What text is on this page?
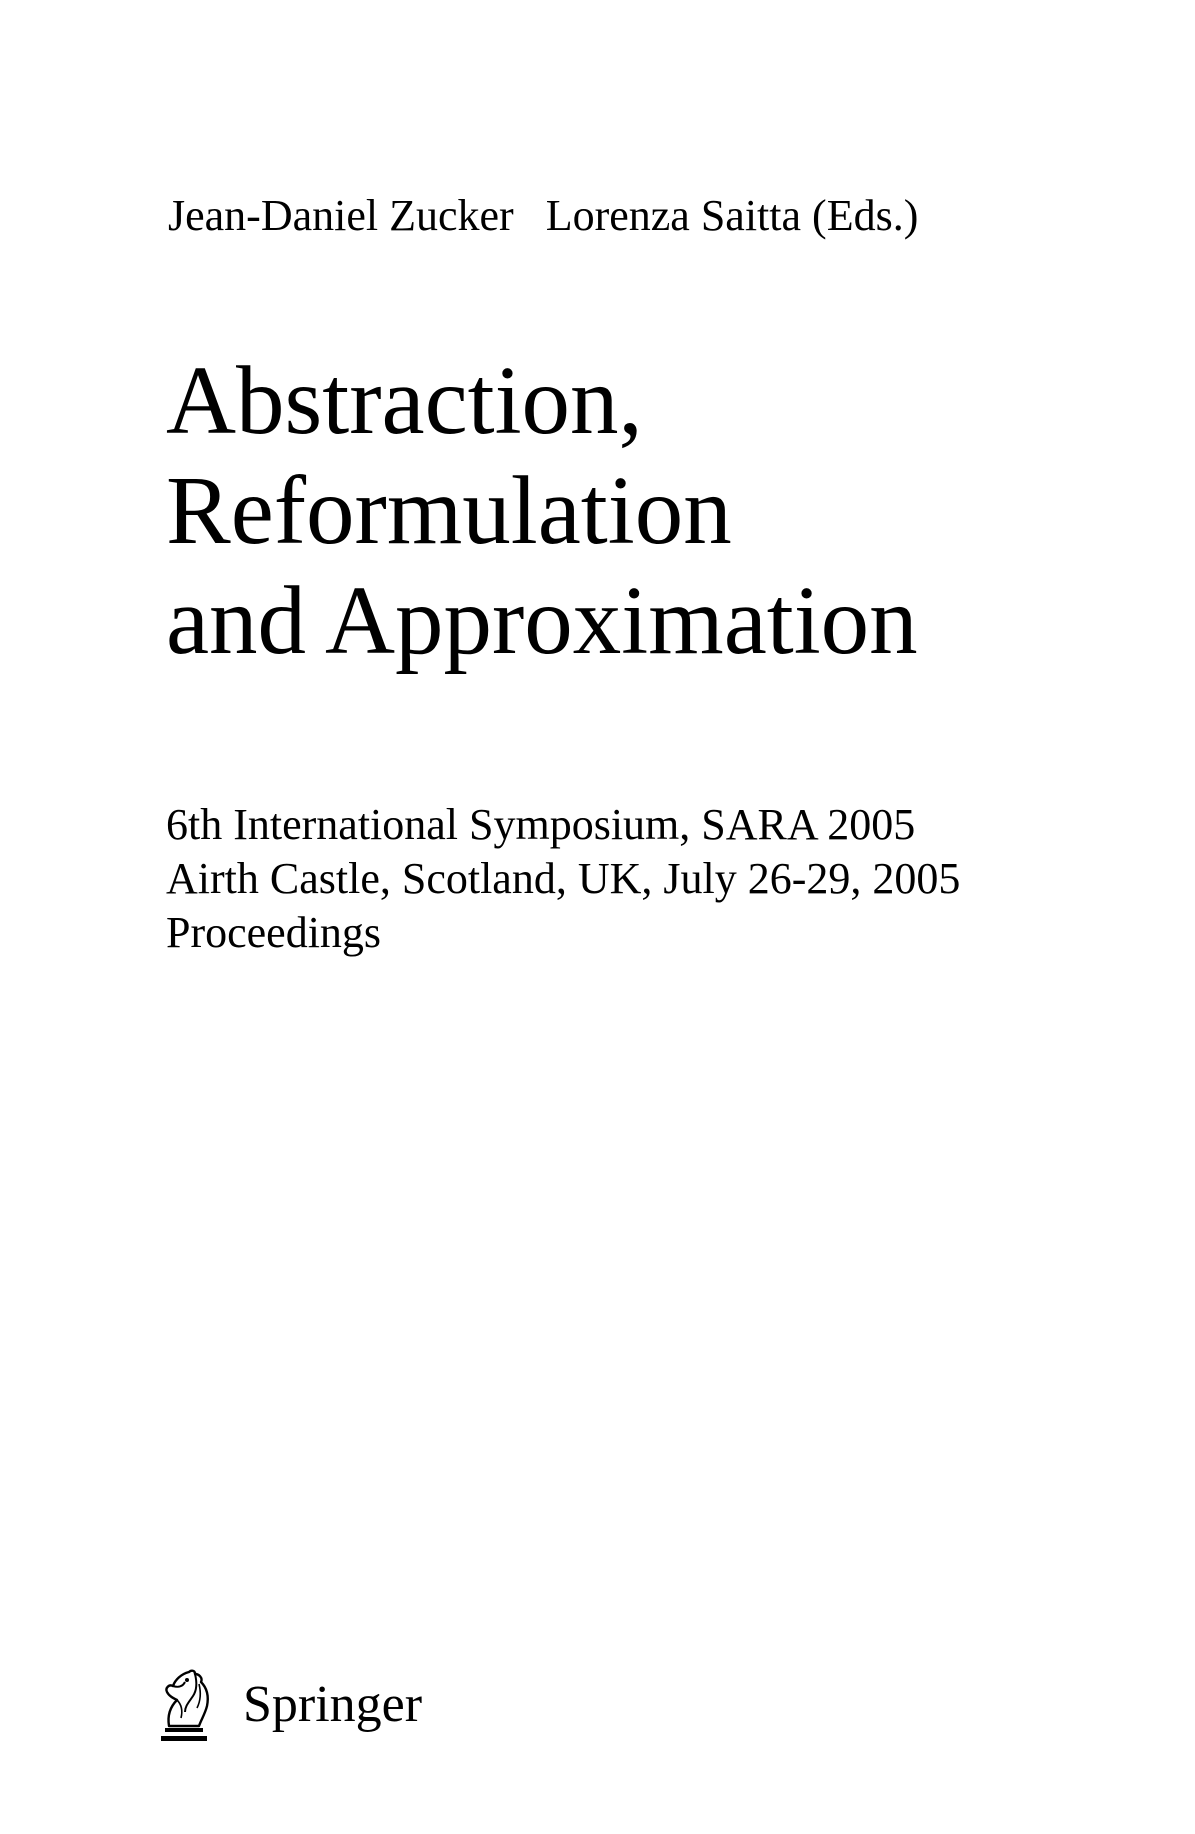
Jean-Daniel Zucker Lorenza Saitta (Eds.)
Abstraction,
Reformulation
and Approximation
6th International Symposium, SARA 2005
Airth Castle, Scotland, UK, July 26-29, 2005
Proceedings
Springer
